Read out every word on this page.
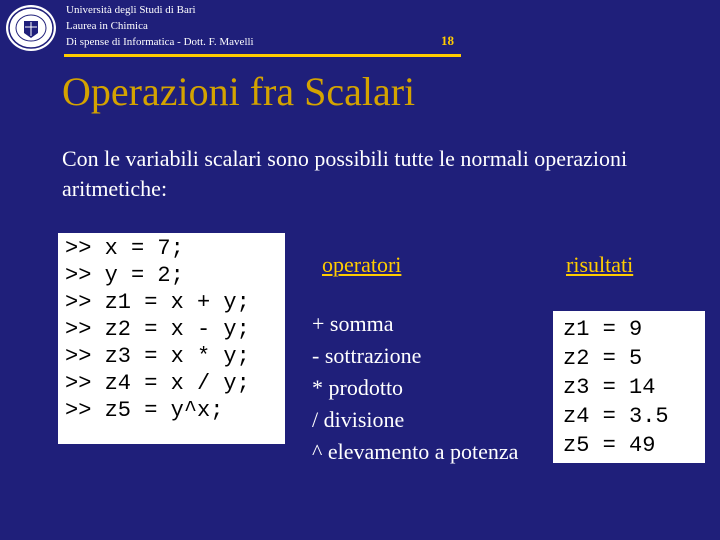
Università degli Studi di Bari
Laurea in Chimica
Di spense di Informatica - Dott. F. Mavelli	18
Operazioni fra Scalari
Con le variabili scalari sono possibili tutte le normali operazioni aritmetiche:
>> x = 7;
>> y = 2;
>> z1 = x + y;
>> z2 = x - y;
>> z3 = x * y;
>> z4 = x / y;
>> z5 = y^x;
operatori	risultati
+ somma
- sottrazione
* prodotto
/ divisione
^ elevamento a potenza
z1 = 9
z2 = 5
z3 = 14
z4 = 3.5
z5 = 49
